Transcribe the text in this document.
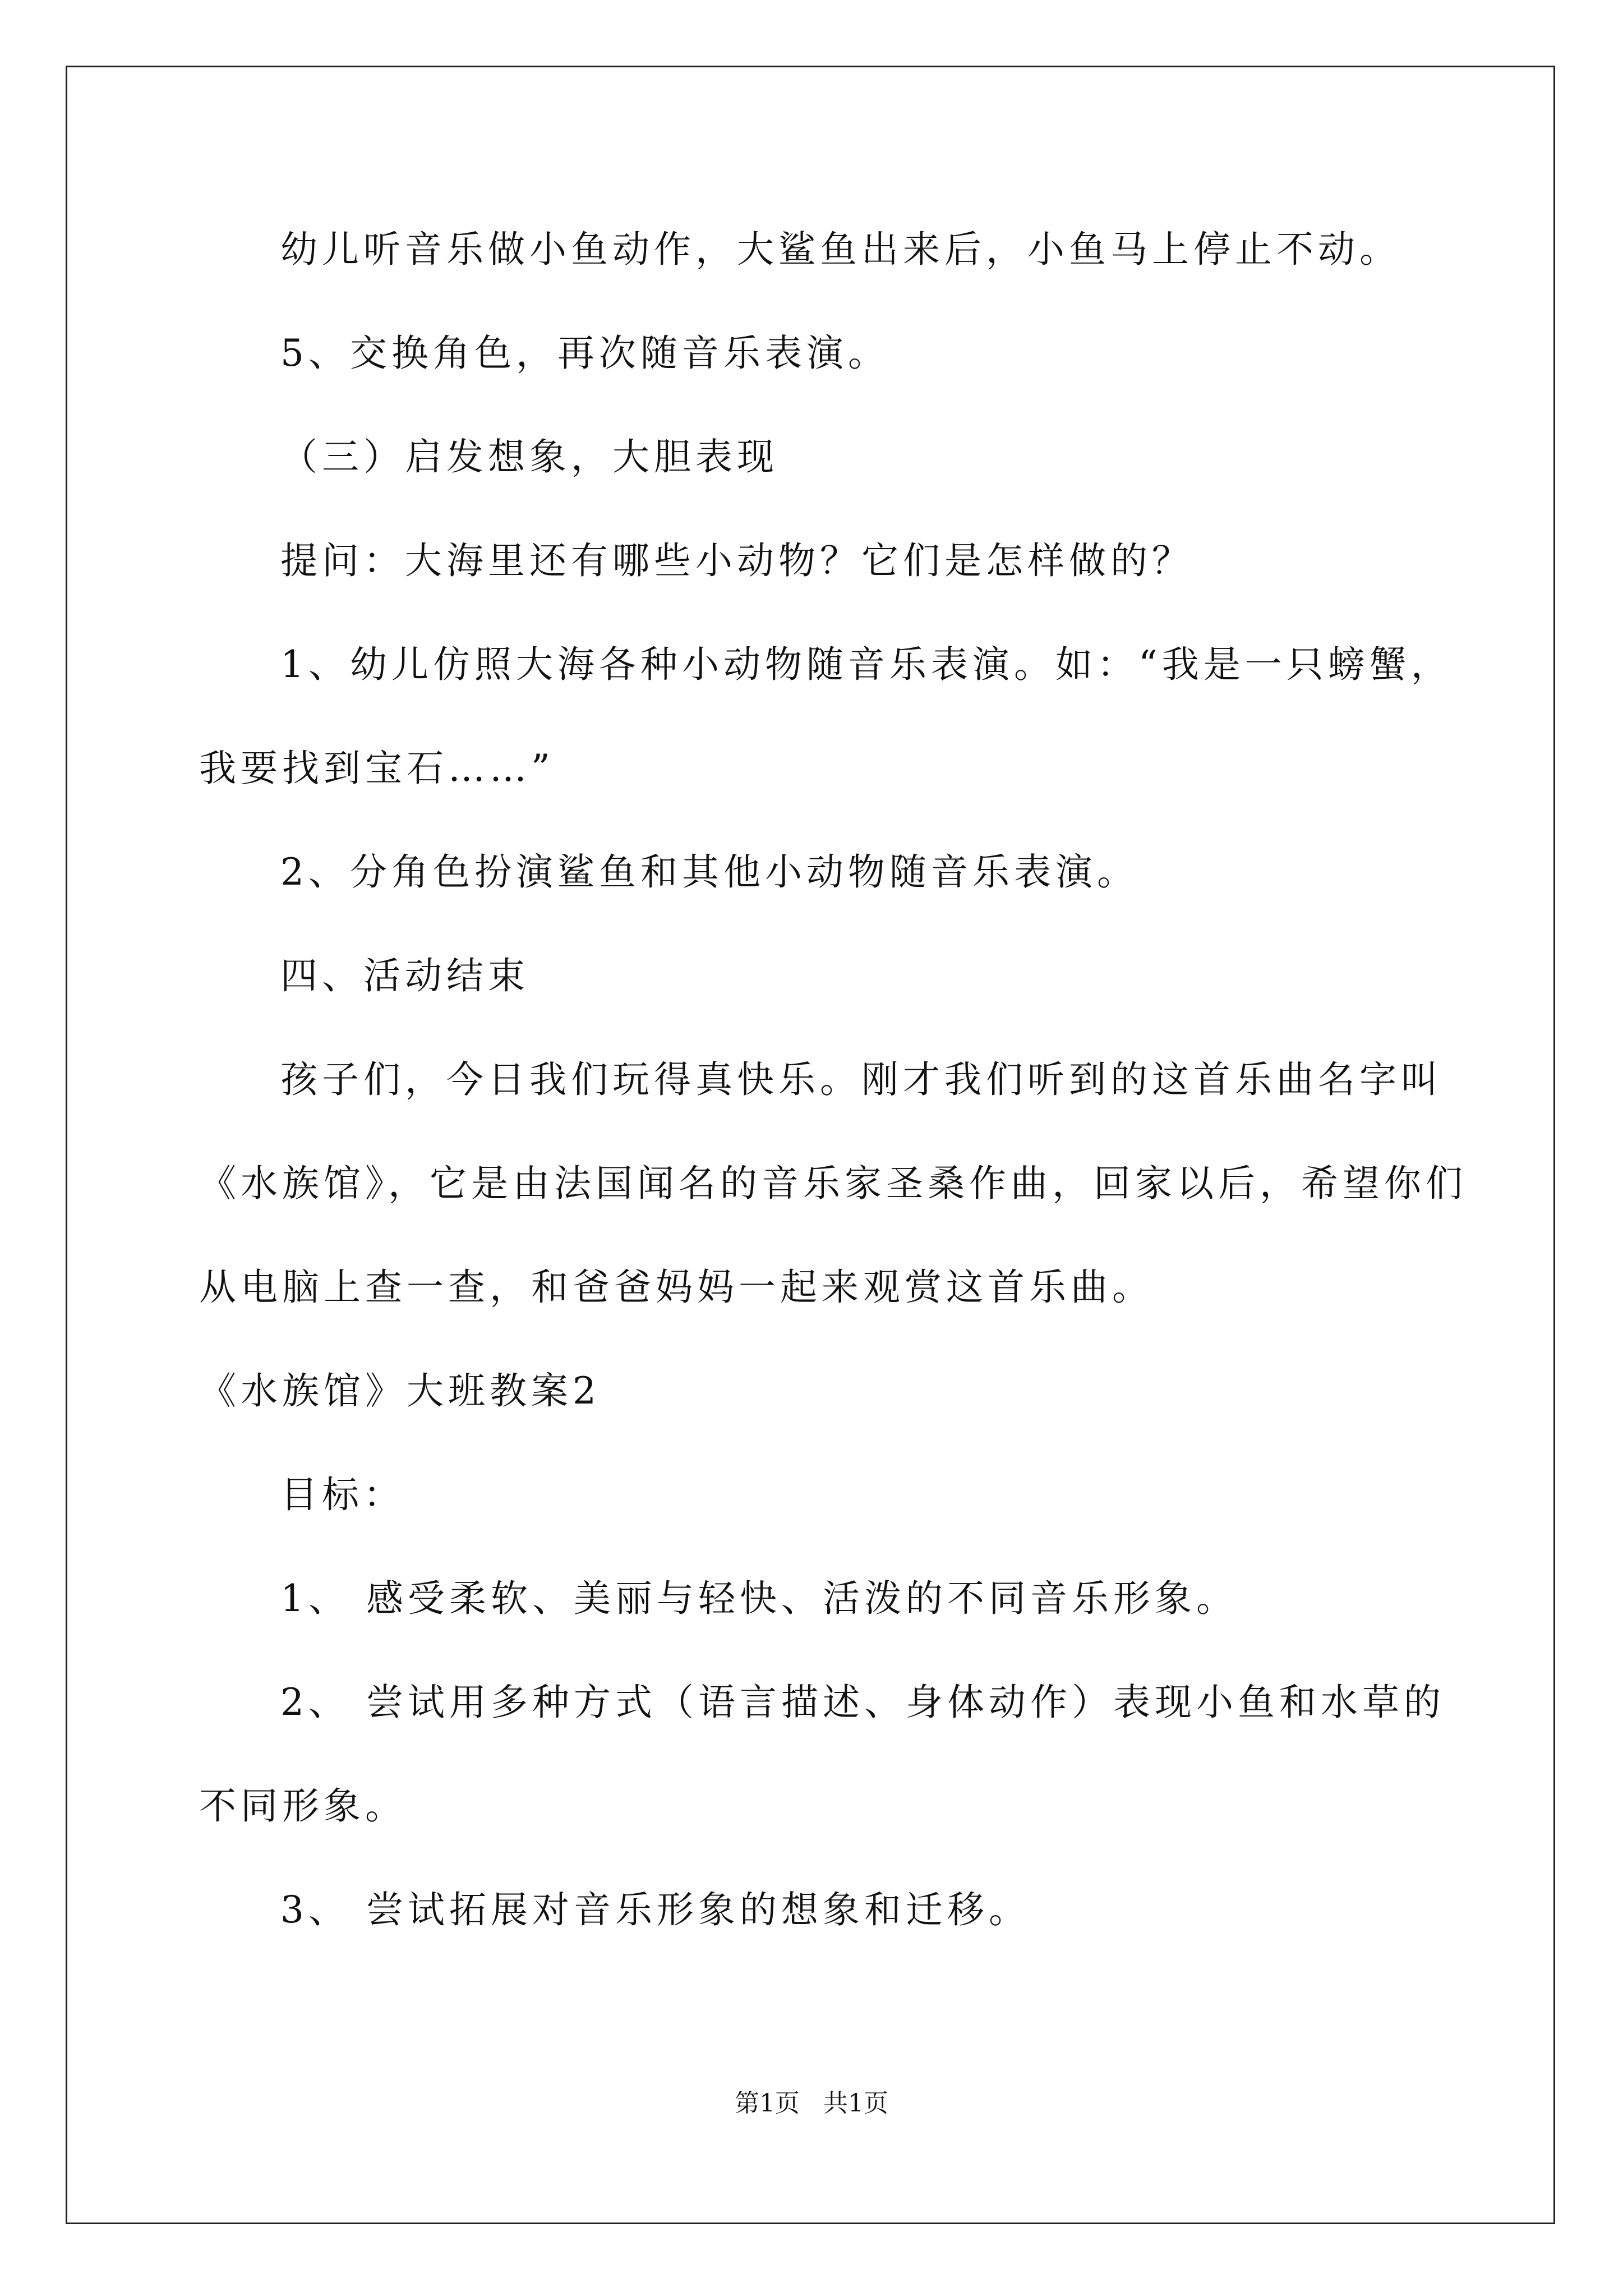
幼儿听音乐做小鱼动作，大鲨鱼出来后，小鱼马上停止不动。
5、交换角色，再次随音乐表演。
（三）启发想象，大胆表现
提问：大海里还有哪些小动物？它们是怎样做的？
1、幼儿仿照大海各种小动物随音乐表演。如：“我是一只螃蟹，
我要找到宝石……”
2、分角色扮演鲨鱼和其他小动物随音乐表演。
四、活动结束
孩子们，今日我们玩得真快乐。刚才我们听到的这首乐曲名字叫
《水族馆》，它是由法国闻名的音乐家圣桑作曲，回家以后，希望你们
从电脑上查一查，和爸爸妈妈一起来观赏这首乐曲。
《水族馆》大班教案2
目标：
1、 感受柔软、美丽与轻快、活泼的不同音乐形象。
2、 尝试用多种方式（语言描述、身体动作）表现小鱼和水草的
不同形象。
3、 尝试拓展对音乐形象的想象和迁移。
第1页 共1页
